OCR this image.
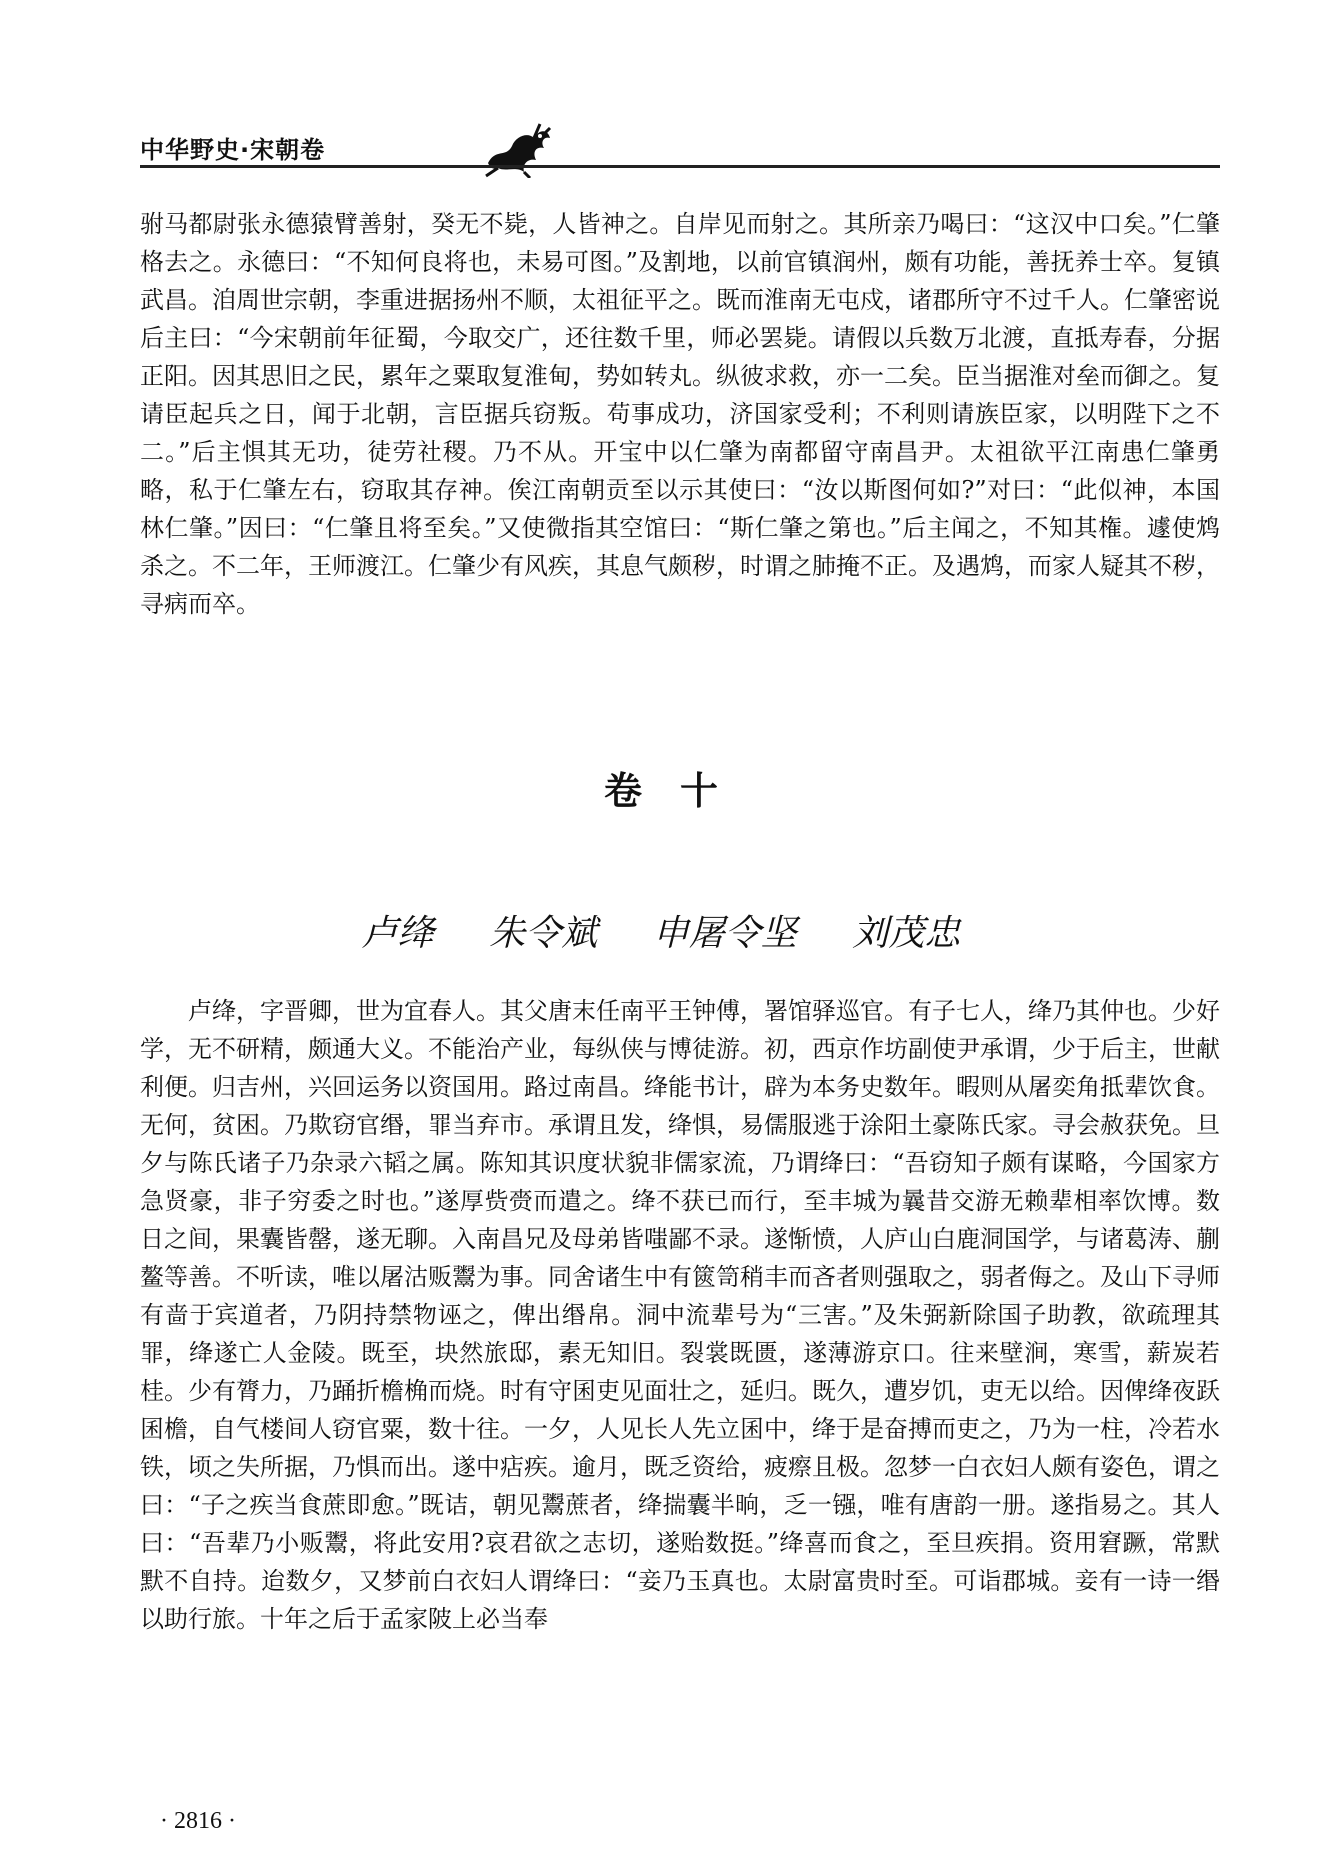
中华野史·宋朝卷
驸马都尉张永德猿臂善射，癸无不毙，人皆神之。自岸见而射之。其所亲乃喝曰：“这汉中口矣。”仁肇格去之。永德曰：“不知何良将也，未易可图。”及割地，以前官镇润州，颇有功能，善抚养士卒。复镇武昌。洎周世宗朝，李重进据扬州不顺，太祖征平之。既而淮南无屯戍，诸郡所守不过千人。仁肇密说后主曰：“今宋朝前年征蜀，今取交广，还往数千里，师必罢毙。请假以兵数万北渡，直抵寿春，分据正阳。因其思旧之民，累年之粟取复淮甸，势如转丸。纵彼求救，亦一二矣。臣当据淮对垒而御之。复请臣起兵之日，闻于北朝，言臣据兵窃叛。苟事成功，济国家受利；不利则请族臣家，以明陛下之不二。”后主惧其无功，徒劳社稷。乃不从。开宝中以仁肇为南都留守南昌尹。太祖欲平江南患仁肇勇略，私于仁肇左右，窃取其存神。俟江南朝贡至以示其使曰：“汝以斯图何如?”对曰：“此似神，本国林仁肇。”因曰：“仁肇且将至矣。”又使微指其空馆曰：“斯仁肇之第也。”后主闻之，不知其権。遽使鸩杀之。不二年，王师渡江。仁肇少有风疾，其息气颇秽，时谓之肺掩不正。及遇鸩，而家人疑其不秽，寻病而卒。
卷　十
卢绛 朱令斌 申屠令坚 刘茂忠
卢绛，字晋卿，世为宜春人。其父唐末任南平王钟傅，署馆驿巡官。有子七人，绛乃其仲也。少好学，无不研精，颇通大义。不能治产业，每纵侠与博徒游。初，西京作坊副使尹承谓，少于后主，世献利便。归吉州，兴回运务以资国用。路过南昌。绛能书计，辟为本务史数年。暇则从屠奕角抵辈饮食。无何，贫困。乃欺窃官缗，罪当弃市。承谓且发，绛惧，易儒服逃于涂阳土豪陈氏家。寻会赦获免。旦夕与陈氏诸子乃杂录六韬之属。陈知其识度状貌非儒家流，乃谓绛曰：“吾窃知子颇有谋略，今国家方急贤豪，非子穷委之时也。”遂厚赀赍而遣之。绛不获已而行，至丰城为曩昔交游无赖辈相率饮博。数日之间，果囊皆罄，遂无聊。入南昌兄及母弟皆嗤鄙不录。遂惭愤，人庐山白鹿洞国学，与诸葛涛、蒯鳌等善。不听读，唯以屠沽贩鬻为事。同舍诸生中有篋笥稍丰而吝者则强取之，弱者侮之。及山下寻师有啬于宾道者，乃阴持禁物诬之，俾出缗帛。洞中流辈号为“三害。”及朱弼新除国子助教，欲疏理其罪，绛遂亡人金陵。既至，块然旅邸，素无知旧。裂裳既匮，遂薄游京口。往来壁涧，寒雪，薪炭若桂。少有膂力，乃踊折檐桷而烧。时有守囷吏见面壮之，延归。既久，遭岁饥，吏无以给。因俾绛夜跃囷檐，自气楼间人窃官粟，数十往。一夕，人见长人先立囷中，绛于是奋搏而吏之，乃为一柱，冷若水铁，顷之失所据，乃惧而出。遂中痁疾。逾月，既乏资给，疲瘵且极。忽梦一白衣妇人颇有姿色，谓之曰：“子之疾当食蔗即愈。”既诘，朝见鬻蔗者，绛揣囊半晌，乏一镪，唯有唐韵一册。遂指易之。其人曰：“吾辈乃小贩鬻，将此安用?哀君欲之志切，遂贻数挺。”绛喜而食之，至旦疾捐。资用窘蹶，常默默不自持。迨数夕，又梦前白衣妇人谓绛曰：“妾乃玉真也。太尉富贵时至。可诣郡城。妾有一诗一缗以助行旅。十年之后于孟家陂上必当奉
· 2816 ·
